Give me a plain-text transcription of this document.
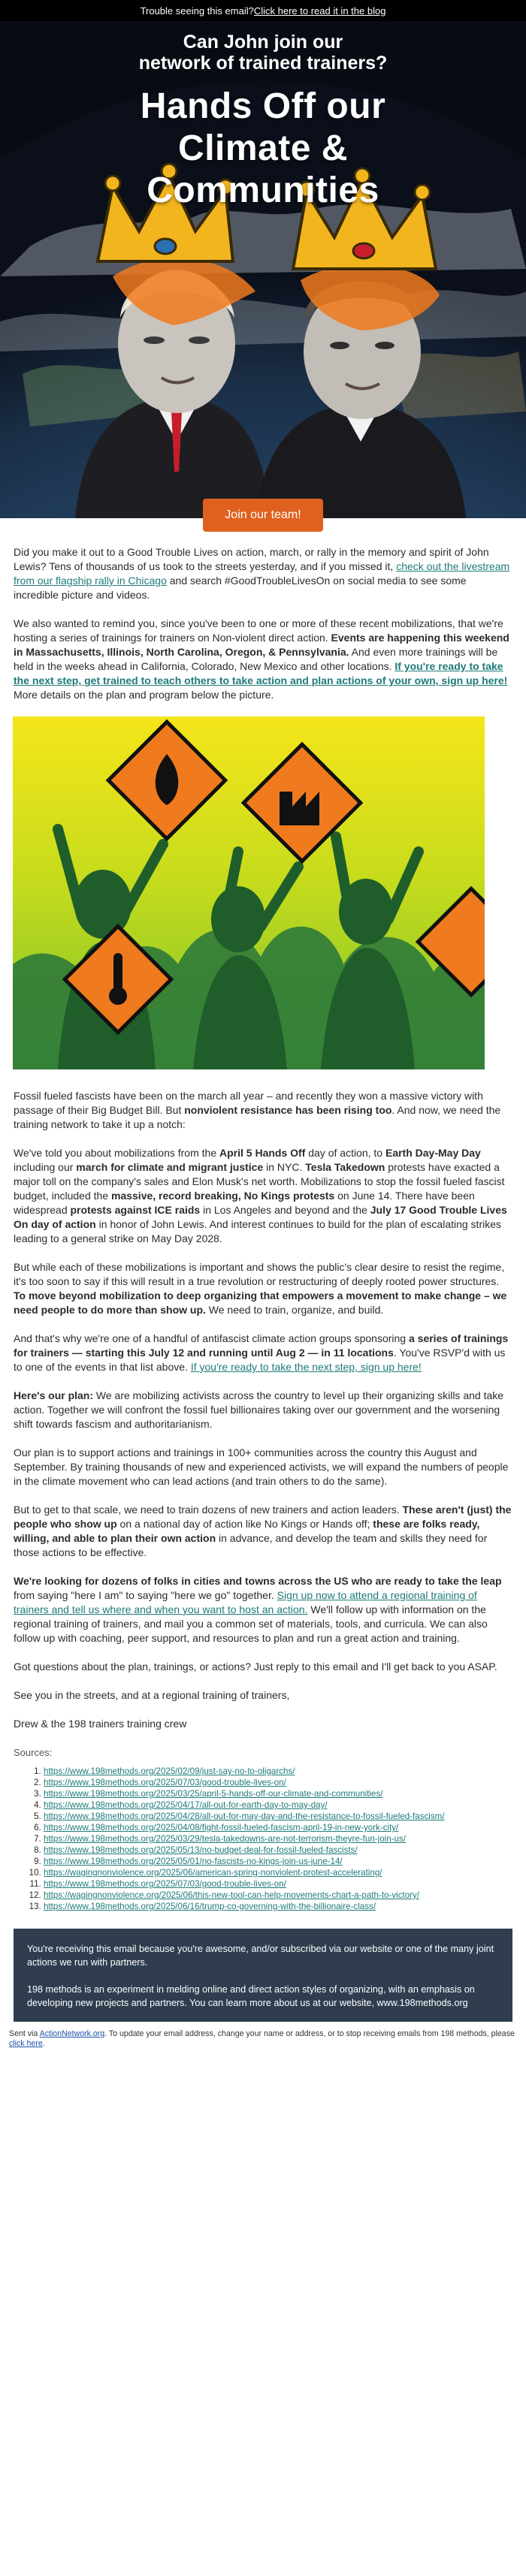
Trouble seeing this email? Click here to read it in the blog
Can John join our
network of trained trainers?
Hands Off our
Climate &
Communities
Join our team!

Did you make it out to a Good Trouble Lives on action, march, or rally in the memory and spirit of John Lewis? Tens of thousands of us took to the streets yesterday, and if you missed it, check out the livestream from our flagship rally in Chicago and search #GoodTroubleLivesOn on social media to see some incredible picture and videos.

We also wanted to remind you, since you've been to one or more of these recent mobilizations, that we're hosting a series of trainings for trainers on Non-violent direct action. Events are happening this weekend in Massachusetts, Illinois, North Carolina, Oregon, & Pennsylvania. And even more trainings will be held in the weeks ahead in California, Colorado, New Mexico and other locations. If you're ready to take the next step, get trained to teach others to take action and plan actions of your own, sign up here! More details on the plan and program below the picture.

Fossil fueled fascists have been on the march all year – and recently they won a massive victory with passage of their Big Budget Bill. But nonviolent resistance has been rising too. And now, we need the training network to take it up a notch:

We've told you about mobilizations from the April 5 Hands Off day of action, to Earth Day-May Day including our march for climate and migrant justice in NYC. Tesla Takedown protests have exacted a major toll on the company's sales and Elon Musk's net worth. Mobilizations to stop the fossil fueled fascist budget, included the massive, record breaking, No Kings protests on June 14. There have been widespread protests against ICE raids in Los Angeles and beyond and the July 17 Good Trouble Lives On day of action in honor of John Lewis. And interest continues to build for the plan of escalating strikes leading to a general strike on May Day 2028.

But while each of these mobilizations is important and shows the public's clear desire to resist the regime, it's too soon to say if this will result in a true revolution or restructuring of deeply rooted power structures. To move beyond mobilization to deep organizing that empowers a movement to make change – we need people to do more than show up. We need to train, organize, and build.

And that's why we're one of a handful of antifascist climate action groups sponsoring a series of trainings for trainers — starting this July 12 and running until Aug 2 — in 11 locations. You've RSVP'd with us to one of the events in that list above. If you're ready to take the next step, sign up here!

Here's our plan: We are mobilizing activists across the country to level up their organizing skills and take action. Together we will confront the fossil fuel billionaires taking over our government and the worsening shift towards fascism and authoritarianism.

Our plan is to support actions and trainings in 100+ communities across the country this August and September. By training thousands of new and experienced activists, we will expand the numbers of people in the climate movement who can lead actions (and train others to do the same).

But to get to that scale, we need to train dozens of new trainers and action leaders. These aren't (just) the people who show up on a national day of action like No Kings or Hands off; these are folks ready, willing, and able to plan their own action in advance, and develop the team and skills they need for those actions to be effective.

We're looking for dozens of folks in cities and towns across the US who are ready to take the leap from saying "here I am" to saying "here we go" together. Sign up now to attend a regional training of trainers and tell us where and when you want to host an action. We'll follow up with information on the regional training of trainers, and mail you a common set of materials, tools, and curricula. We can also follow up with coaching, peer support, and resources to plan and run a great action and training.

Got questions about the plan, trainings, or actions? Just reply to this email and I'll get back to you ASAP.

See you in the streets, and at a regional training of trainers,

Drew & the 198 trainers training crew

Sources:
1. https://www.198methods.org/2025/02/09/just-say-no-to-oligarchs/
2. https://www.198methods.org/2025/07/03/good-trouble-lives-on/
3. https://www.198methods.org/2025/03/25/april-5-hands-off-our-climate-and-communities/
4. https://www.198methods.org/2025/04/17/all-out-for-earth-day-to-may-day/
5. https://www.198methods.org/2025/04/28/all-out-for-may-day-and-the-resistance-to-fossil-fueled-fascism/
6. https://www.198methods.org/2025/04/08/fight-fossil-fueled-fascism-april-19-in-new-york-city/
7. https://www.198methods.org/2025/03/29/tesla-takedowns-are-not-terrorism-theyre-fun-join-us/
8. https://www.198methods.org/2025/05/13/no-budget-deal-for-fossil-fueled-fascists/
9. https://www.198methods.org/2025/05/01/no-fascists-no-kings-join-us-june-14/
10. https://wagingnonviolence.org/2025/06/american-spring-nonviolent-protest-accelerating/
11. https://www.198methods.org/2025/07/03/good-trouble-lives-on/
12. https://wagingnonviolence.org/2025/06/this-new-tool-can-help-movements-chart-a-path-to-victory/
13. https://www.198methods.org/2025/06/16/trump-co-governing-with-the-billionaire-class/

You're receiving this email because you're awesome, and/or subscribed via our website or one of the many joint actions we run with partners.

198 methods is an experiment in melding online and direct action styles of organizing, with an emphasis on developing new projects and partners. You can learn more about us at our website, www.198methods.org

Sent via ActionNetwork.org. To update your email address, change your name or address, or to stop receiving emails from 198 methods, please click here.
